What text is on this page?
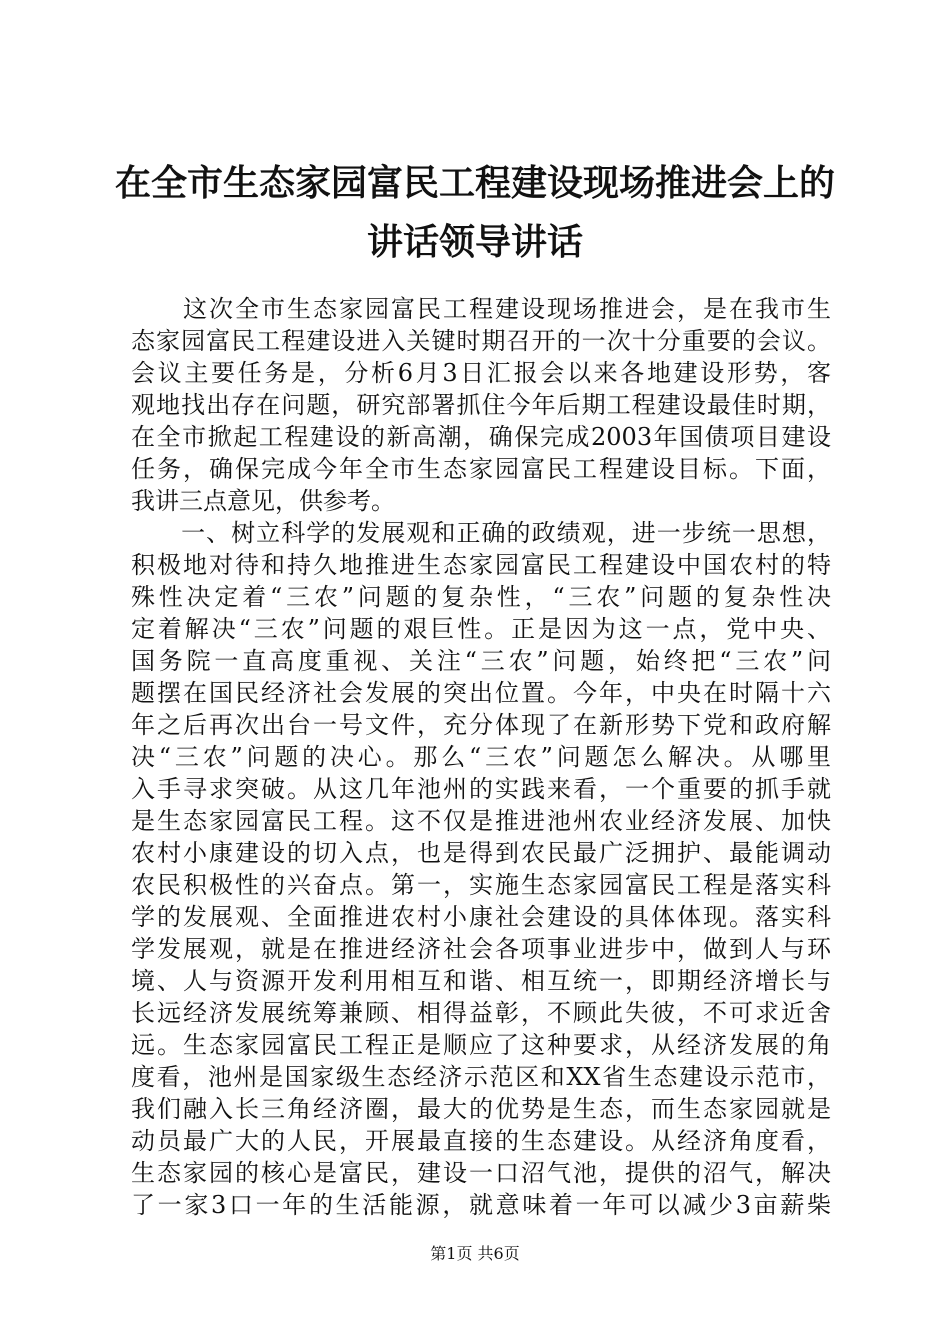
在全市生态家园富民工程建设现场推进会上的
讲话领导讲话
　　这次全市生态家园富民工程建设现场推进会，是在我市生
态家园富民工程建设进入关键时期召开的一次十分重要的会议。
会议主要任务是，分析6月3日汇报会以来各地建设形势，客
观地找出存在问题，研究部署抓住今年后期工程建设最佳时期，
在全市掀起工程建设的新高潮，确保完成2003年国债项目建设
任务，确保完成今年全市生态家园富民工程建设目标。下面，
我讲三点意见，供参考。
　　一、树立科学的发展观和正确的政绩观，进一步统一思想，
积极地对待和持久地推进生态家园富民工程建设中国农村的特
殊性决定着“三农”问题的复杂性，“三农”问题的复杂性决
定着解决“三农”问题的艰巨性。正是因为这一点，党中央、
国务院一直高度重视、关注“三农”问题，始终把“三农”问
题摆在国民经济社会发展的突出位置。今年，中央在时隔十六
年之后再次出台一号文件，充分体现了在新形势下党和政府解
决“三农”问题的决心。那么“三农”问题怎么解决。从哪里
入手寻求突破。从这几年池州的实践来看，一个重要的抓手就
是生态家园富民工程。这不仅是推进池州农业经济发展、加快
农村小康建设的切入点，也是得到农民最广泛拥护、最能调动
农民积极性的兴奋点。第一，实施生态家园富民工程是落实科
学的发展观、全面推进农村小康社会建设的具体体现。落实科
学发展观，就是在推进经济社会各项事业进步中，做到人与环
境、人与资源开发利用相互和谐、相互统一，即期经济增长与
长远经济发展统筹兼顾、相得益彰，不顾此失彼，不可求近舍
远。生态家园富民工程正是顺应了这种要求，从经济发展的角
度看，池州是国家级生态经济示范区和XX省生态建设示范市，
我们融入长三角经济圈，最大的优势是生态，而生态家园就是
动员最广大的人民，开展最直接的生态建设。从经济角度看，
生态家园的核心是富民，建设一口沼气池，提供的沼气，解决
了一家3口一年的生活能源，就意味着一年可以减少3亩薪柴
第1页 共6页
